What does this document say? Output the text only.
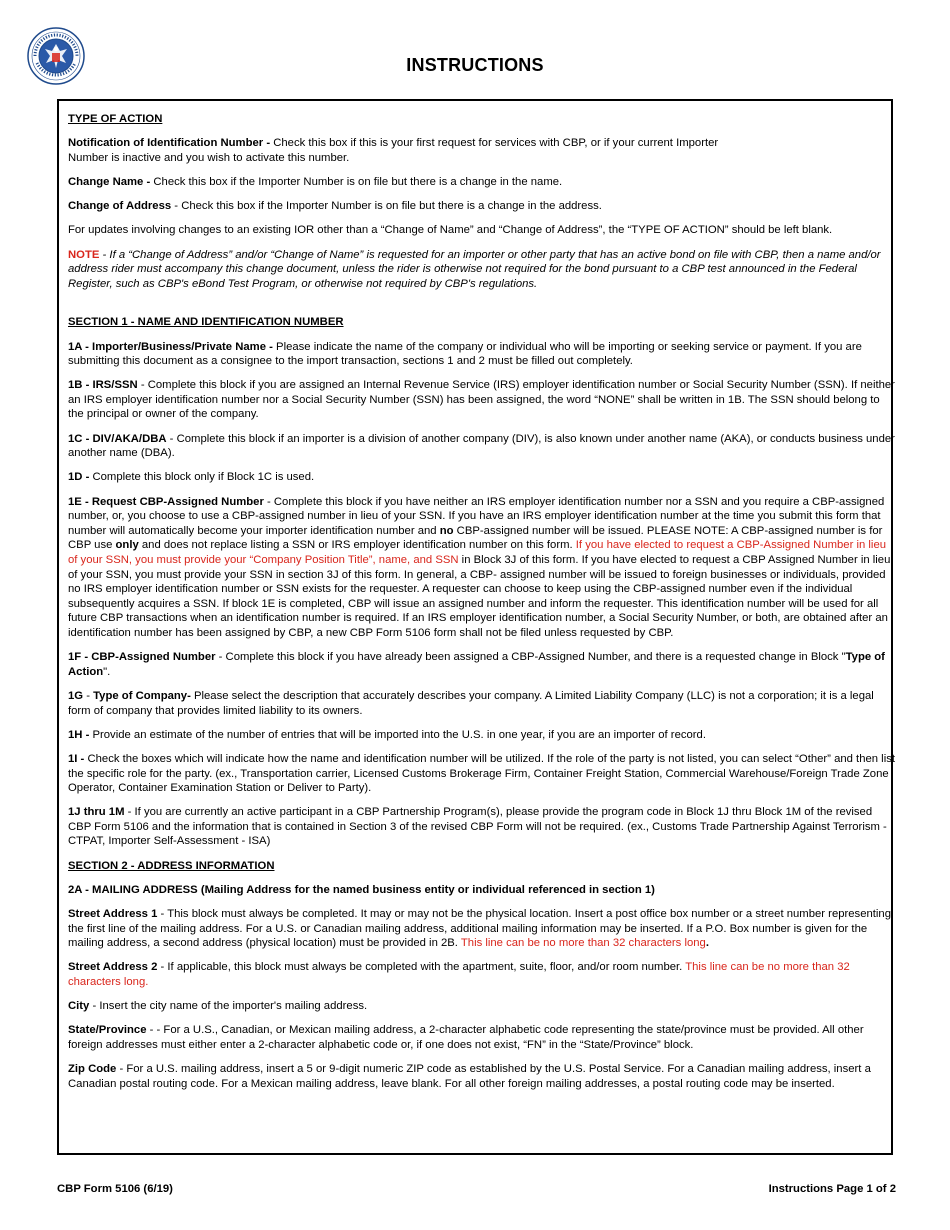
INSTRUCTIONS

TYPE OF ACTION

Notification of Identification Number - Check this box if this is your first request for services with CBP, or if your current Importer
Number is inactive and you wish to activate this number.

Change Name - Check this box if the Importer Number is on file but there is a change in the name.

Change of Address - Check this box if the Importer Number is on file but there is a change in the address.

For updates involving changes to an existing IOR other than a “Change of Name” and “Change of Address”, the “TYPE OF ACTION” should be left blank.

NOTE - If a “Change of Address” and/or “Change of Name” is requested for an importer or other party that has an active bond on file with CBP, then a name and/or address rider must accompany this change document, unless the rider is otherwise not required for the bond pursuant to a CBP test announced in the Federal Register, such as CBP's eBond Test Program, or otherwise not required by CBP's regulations.

SECTION 1 - NAME AND IDENTIFICATION NUMBER

1A - Importer/Business/Private Name - Please indicate the name of the company or individual who will be importing or seeking service or payment. If you are submitting this document as a consignee to the import transaction, sections 1 and 2 must be filled out completely.

1B - IRS/SSN - Complete this block if you are assigned an Internal Revenue Service (IRS) employer identification number or Social Security Number (SSN). If neither an IRS employer identification number nor a Social Security Number (SSN) has been assigned, the word “NONE” shall be written in 1B. The SSN should belong to the principal or owner of the company.

1C - DIV/AKA/DBA - Complete this block if an importer is a division of another company (DIV), is also known under another name (AKA), or conducts business under another name (DBA).

1D - Complete this block only if Block 1C is used.

1E - Request CBP-Assigned Number - Complete this block if you have neither an IRS employer identification number nor a SSN and you require a CBP-assigned number, or, you choose to use a CBP-assigned number in lieu of your SSN. If you have an IRS employer identification number at the time you submit this form that number will automatically become your importer identification number and no CBP-assigned number will be issued. PLEASE NOTE: A CBP-assigned number is for CBP use only and does not replace listing a SSN or IRS employer identification number on this form. If you have elected to request a CBP-Assigned Number in lieu of your SSN, you must provide your “Company Position Title”, name, and SSN in Block 3J of this form. If you have elected to request a CBP Assigned Number in lieu of your SSN, you must provide your SSN in section 3J of this form. In general, a CBP- assigned number will be issued to foreign businesses or individuals, provided no IRS employer identification number or SSN exists for the requester. A requester can choose to keep using the CBP-assigned number even if the individual subsequently acquires a SSN. If block 1E is completed, CBP will issue an assigned number and inform the requester. This identification number will be used for all future CBP transactions when an identification number is required. If an IRS employer identification number, a Social Security Number, or both, are obtained after an identification number has been assigned by CBP, a new CBP Form 5106 form shall not be filed unless requested by CBP.

1F - CBP-Assigned Number - Complete this block if you have already been assigned a CBP-Assigned Number, and there is a requested change in Block "Type of Action".

1G - Type of Company- Please select the description that accurately describes your company. A Limited Liability Company (LLC) is not a corporation; it is a legal form of company that provides limited liability to its owners.

1H - Provide an estimate of the number of entries that will be imported into the U.S. in one year, if you are an importer of record.

1I - Check the boxes which will indicate how the name and identification number will be utilized. If the role of the party is not listed, you can select “Other” and then list the specific role for the party. (ex., Transportation carrier, Licensed Customs Brokerage Firm, Container Freight Station, Commercial Warehouse/Foreign Trade Zone Operator, Container Examination Station or Deliver to Party).

1J thru 1M - If you are currently an active participant in a CBP Partnership Program(s), please provide the program code in Block 1J thru Block 1M of the revised CBP Form 5106 and the information that is contained in Section 3 of the revised CBP Form will not be required. (ex., Customs Trade Partnership Against Terrorism - CTPAT, Importer Self-Assessment - ISA)

SECTION 2 - ADDRESS INFORMATION

2A - MAILING ADDRESS (Mailing Address for the named business entity or individual referenced in section 1)

Street Address 1 - This block must always be completed. It may or may not be the physical location. Insert a post office box number or a street number representing the first line of the mailing address. For a U.S. or Canadian mailing address, additional mailing information may be inserted. If a P.O. Box number is given for the mailing address, a second address (physical location) must be provided in 2B. This line can be no more than 32 characters long.

Street Address 2 - If applicable, this block must always be completed with the apartment, suite, floor, and/or room number. This line can be no more than 32 characters long.

City - Insert the city name of the importer's mailing address.

State/Province - - For a U.S., Canadian, or Mexican mailing address, a 2-character alphabetic code representing the state/province must be provided. All other foreign addresses must either enter a 2-character alphabetic code or, if one does not exist, “FN” in the “State/Province” block.

Zip Code - For a U.S. mailing address, insert a 5 or 9-digit numeric ZIP code as established by the U.S. Postal Service. For a Canadian mailing address, insert a Canadian postal routing code. For a Mexican mailing address, leave blank. For all other foreign mailing addresses, a postal routing code may be inserted.

CBP Form 5106 (6/19)	Instructions Page 1 of 2
